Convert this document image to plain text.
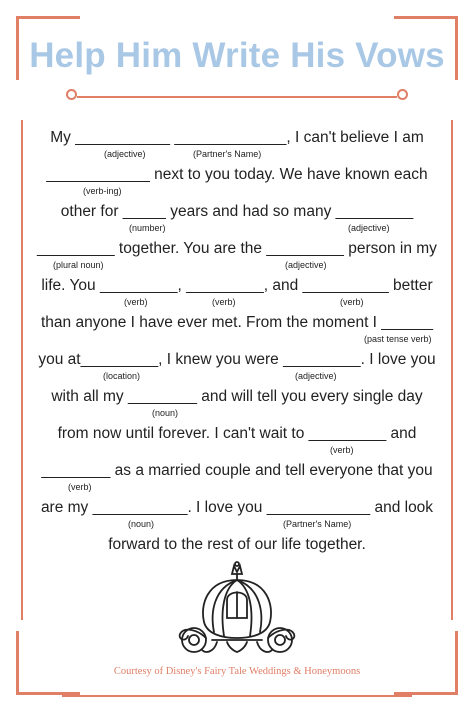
Help Him Write His Vows
My ___________ _____________, I can't believe I am
____________ next to you today. We have known each
other for _____ years and had so many _________
_________ together. You are the _________ person in my
life. You _________, _________, and __________ better
than anyone I have ever met. From the moment I ______
you at_________, I knew you were _________. I love you
with all my ________ and will tell you every single day
from now until forever. I can't wait to _________ and
________ as a married couple and tell everyone that you
are my ___________. I love you ____________ and look
forward to the rest of our life together.
(adjective)	(Partner's Name)
(verb-ing)
(number)	(adjective)
(plural noun)	(adjective)
(verb)	(verb)	(verb)
(past tense verb)
(location)	(adjective)
(noun)
(verb)
(verb)
(noun)	(Partner's Name)
Courtesy of Disney's Fairy Tale Weddings & Honeymoons
